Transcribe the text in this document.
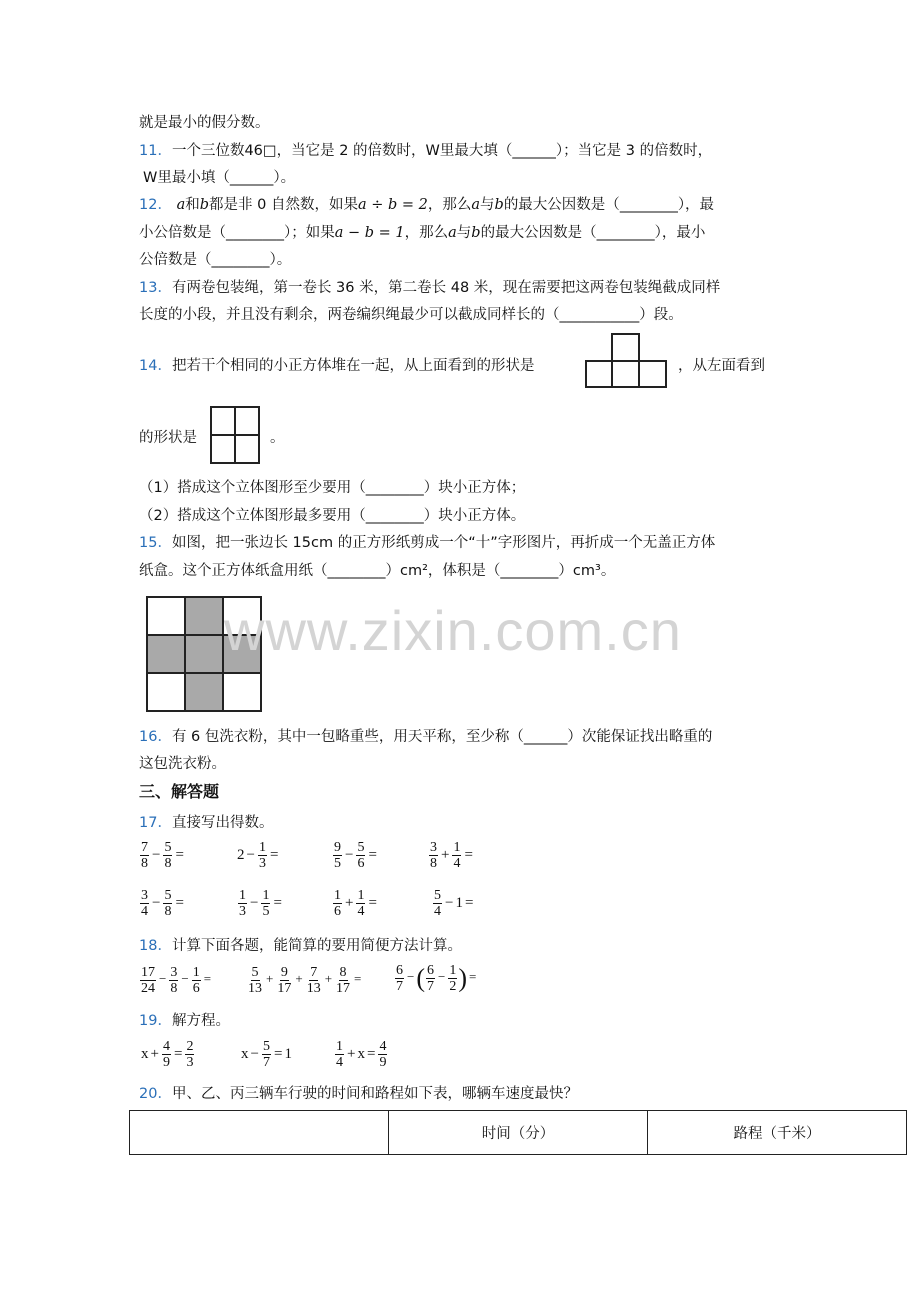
就是最小的假分数。
11．一个三位数46□，当它是 2 的倍数时，W里最大填（______）；当它是 3 的倍数时，
W里最小填（______）。
12． a和b都是非 0 自然数，如果a ÷ b = 2，那么a与b的最大公因数是（________），最
小公倍数是（________）；如果a − b = 1，那么a与b的最大公因数是（________），最小
公倍数是（________）。
13．有两卷包装绳，第一卷长 36 米，第二卷长 48 米，现在需要把这两卷包装绳截成同样
长度的小段，并且没有剩余，两卷编织绳最少可以截成同样长的（___________）段。
14．把若干个相同的小正方体堆在一起，从上面看到的形状是	，从左面看到
的形状是	。
（1）搭成这个立体图形至少要用（________）块小正方体；
（2）搭成这个立体图形最多要用（________）块小正方体。
15．如图，把一张边长 15cm 的正方形纸剪成一个“十”字形图片，再折成一个无盖正方体
纸盒。这个正方体纸盒用纸（________）cm²，体积是（________）cm³。
www.zixin.com.cn
16．有 6 包洗衣粉，其中一包略重些，用天平称，至少称（______）次能保证找出略重的
这包洗衣粉。
三、解答题
17．直接写出得数。
$\frac{7}{8} - \frac{5}{8}$ =	$2 - \frac{1}{3}$ =	$\frac{9}{5} - \frac{5}{6}$ =	$\frac{3}{8} + \frac{1}{4}$ =
$\frac{3}{4} - \frac{5}{8}$ =	$\frac{1}{3} - \frac{1}{5}$ =	$\frac{1}{6} + \frac{1}{4}$ =	$\frac{5}{4} - 1$ =
18．计算下面各题，能简算的要用简便方法计算。
$\frac{17}{24} - \frac{3}{8} - \frac{1}{6}$ =	$\frac{5}{13} + \frac{9}{17} + \frac{7}{13} + \frac{8}{17} = \frac{6}{7}$ −( $\frac{6}{7} - \frac{1}{2}$ ) =
19．解方程。
$x + \frac{4}{9} = \frac{2}{3}$	$x - \frac{5}{7} = 1$	$\frac{1}{4} + x = \frac{4}{9}$
20．甲、乙、丙三辆车行驶的时间和路程如下表，哪辆车速度最快？
	时间（分）	路程（千米）
